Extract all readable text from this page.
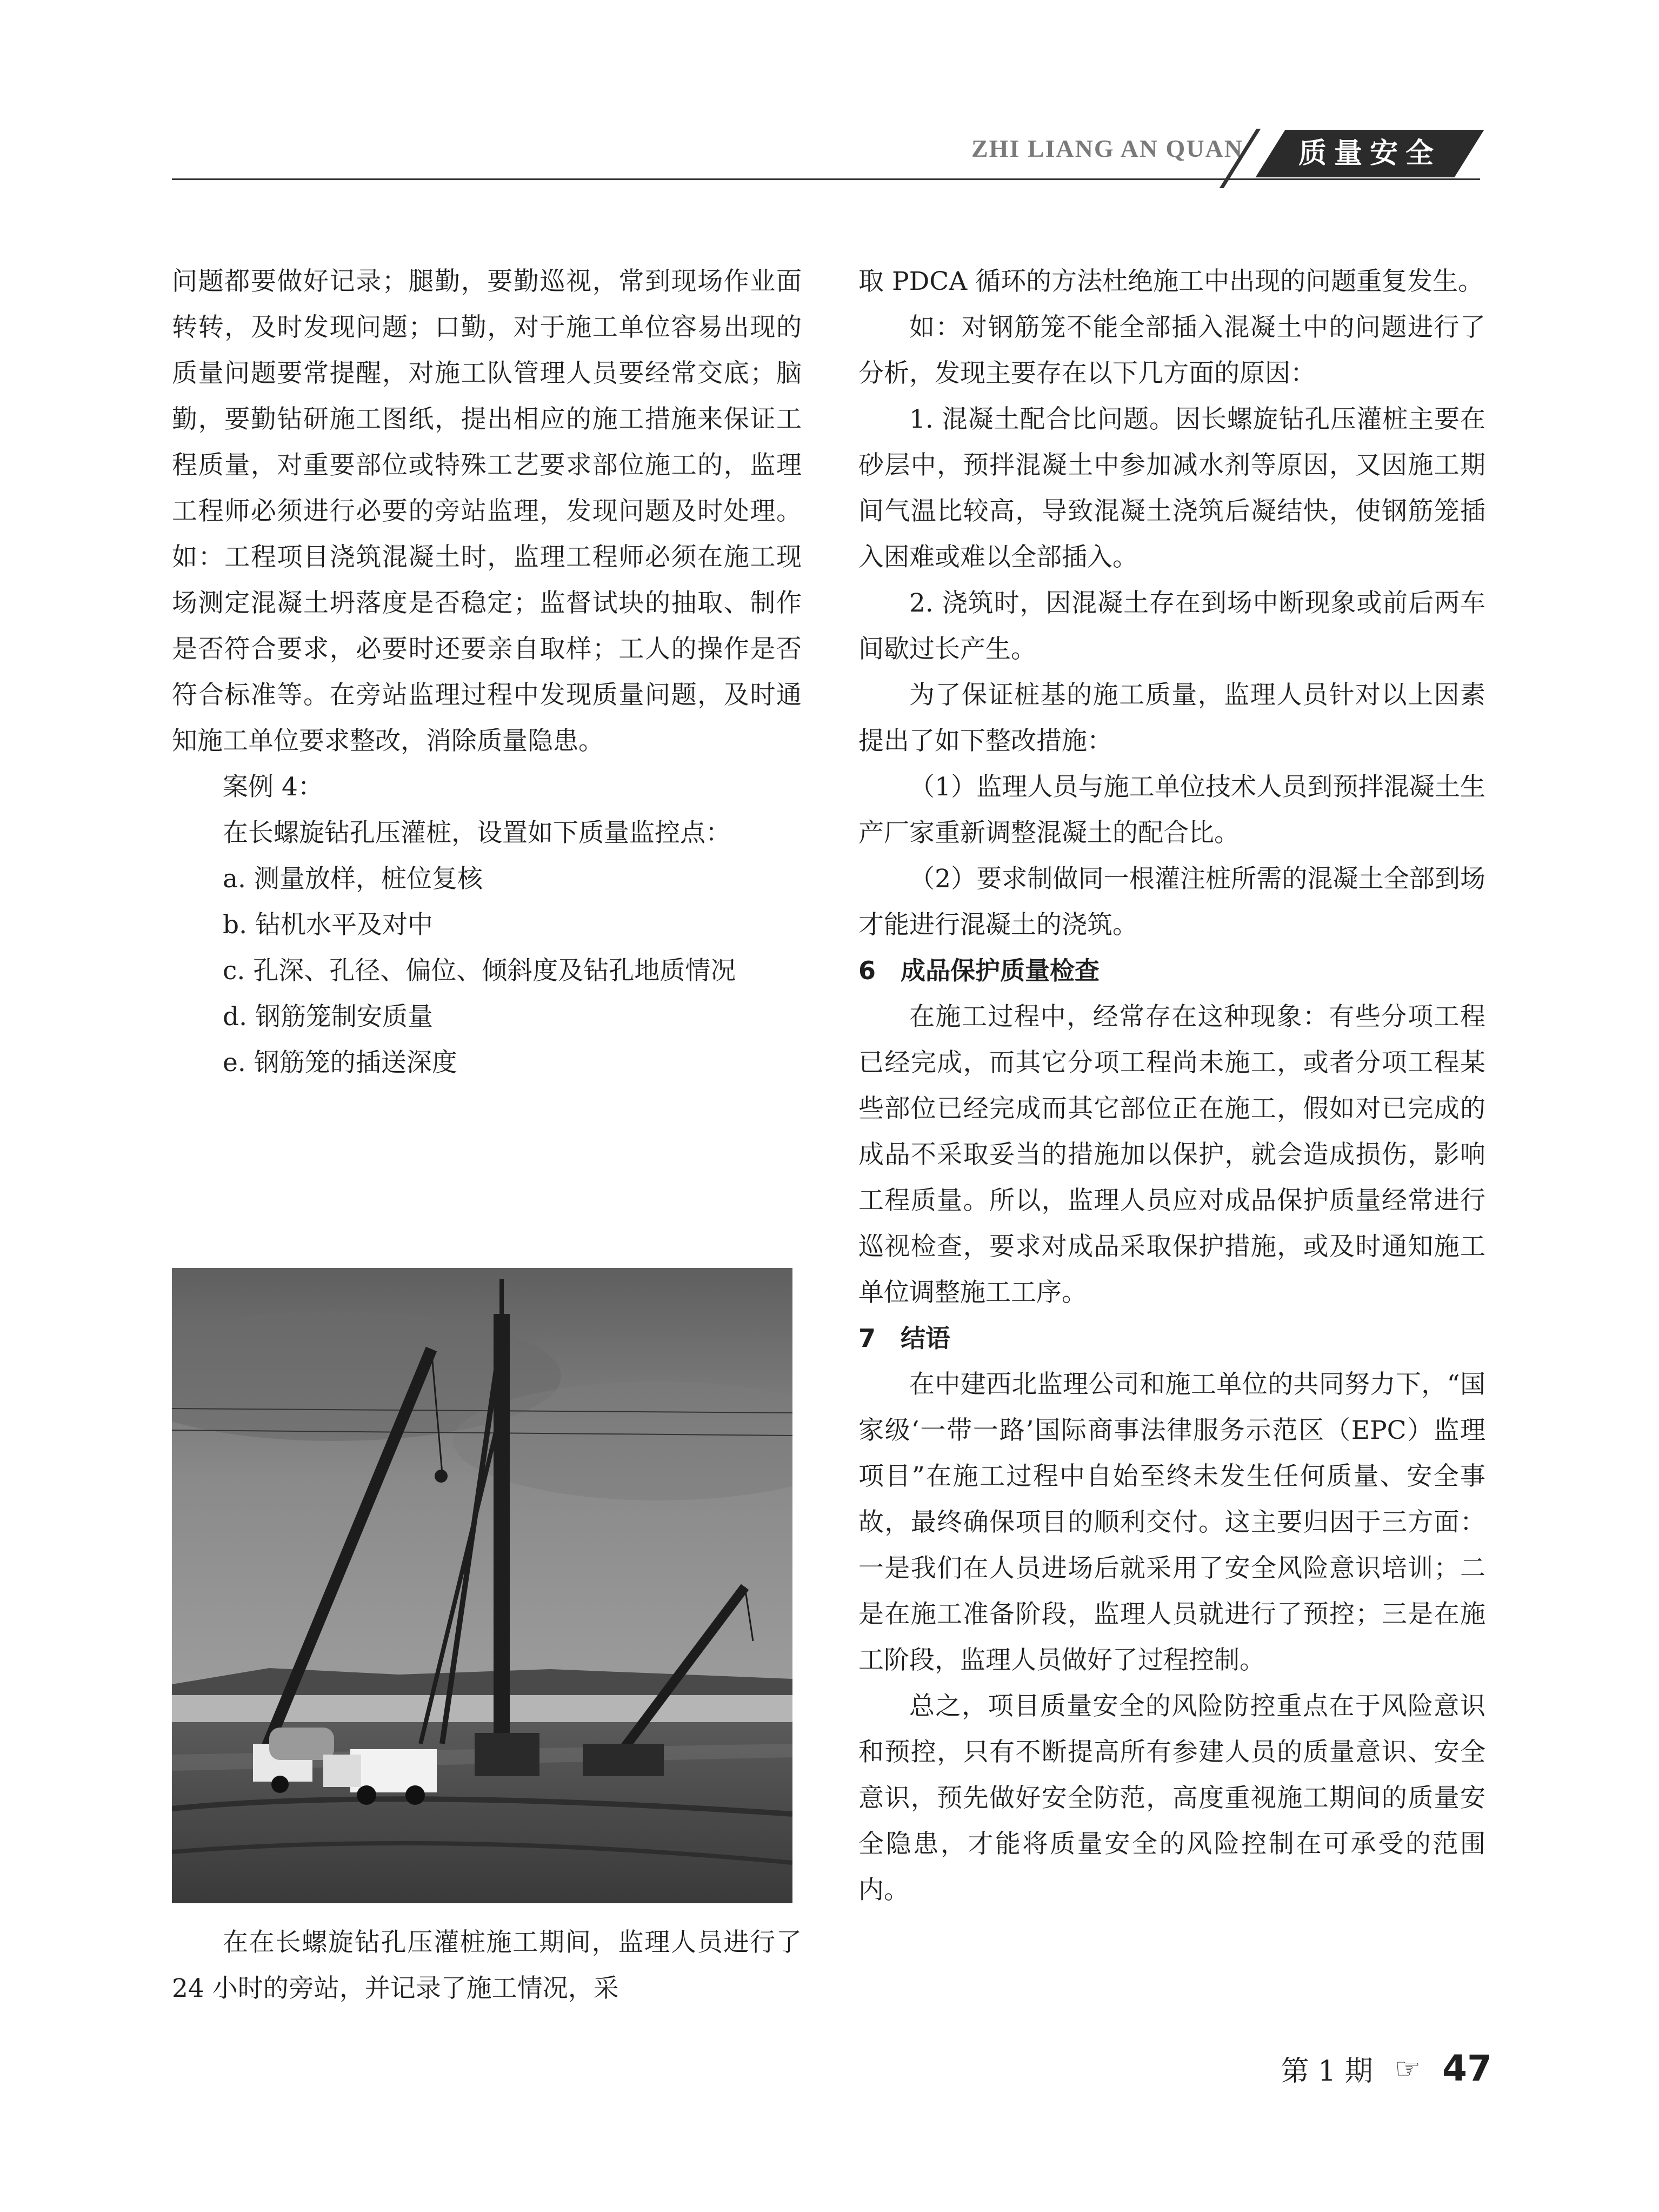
ZHI LIANG AN QUAN	质量安全

问题都要做好记录；腿勤，要勤巡视，常到现场作业面转转，及时发现问题；口勤，对于施工单位容易出现的质量问题要常提醒，对施工队管理人员要经常交底；脑勤，要勤钻研施工图纸，提出相应的施工措施来保证工程质量，对重要部位或特殊工艺要求部位施工的，监理工程师必须进行必要的旁站监理，发现问题及时处理。如：工程项目浇筑混凝土时，监理工程师必须在施工现场测定混凝土坍落度是否稳定；监督试块的抽取、制作是否符合要求，必要时还要亲自取样；工人的操作是否符合标准等。在旁站监理过程中发现质量问题，及时通知施工单位要求整改，消除质量隐患。

案例 4：

在长螺旋钻孔压灌桩，设置如下质量监控点：

a. 测量放样，桩位复核

b. 钻机水平及对中

c. 孔深、孔径、偏位、倾斜度及钻孔地质情况

d. 钢筋笼制安质量

e. 钢筋笼的插送深度

在在长螺旋钻孔压灌桩施工期间，监理人员进行了 24 小时的旁站，并记录了施工情况，采

取 PDCA 循环的方法杜绝施工中出现的问题重复发生。

如：对钢筋笼不能全部插入混凝土中的问题进行了分析，发现主要存在以下几方面的原因：

1. 混凝土配合比问题。因长螺旋钻孔压灌桩主要在砂层中，预拌混凝土中参加减水剂等原因，又因施工期间气温比较高，导致混凝土浇筑后凝结快，使钢筋笼插入困难或难以全部插入。

2. 浇筑时，因混凝土存在到场中断现象或前后两车间歇过长产生。

为了保证桩基的施工质量，监理人员针对以上因素提出了如下整改措施：

（1）监理人员与施工单位技术人员到预拌混凝土生产厂家重新调整混凝土的配合比。

（2）要求制做同一根灌注桩所需的混凝土全部到场才能进行混凝土的浇筑。

6　成品保护质量检查

在施工过程中，经常存在这种现象：有些分项工程已经完成，而其它分项工程尚未施工，或者分项工程某些部位已经完成而其它部位正在施工，假如对已完成的成品不采取妥当的措施加以保护，就会造成损伤，影响工程质量。所以，监理人员应对成品保护质量经常进行巡视检查，要求对成品采取保护措施，或及时通知施工单位调整施工工序。

7　结语

在中建西北监理公司和施工单位的共同努力下，“国家级‘一带一路’国际商事法律服务示范区（EPC）监理项目”在施工过程中自始至终未发生任何质量、安全事故，最终确保项目的顺利交付。这主要归因于三方面：一是我们在人员进场后就采用了安全风险意识培训；二是在施工准备阶段，监理人员就进行了预控；三是在施工阶段，监理人员做好了过程控制。

总之，项目质量安全的风险防控重点在于风险意识和预控，只有不断提高所有参建人员的质量意识、安全意识，预先做好安全防范，高度重视施工期间的质量安全隐患，才能将质量安全的风险控制在可承受的范围内。

第 1 期 ☞ 47
